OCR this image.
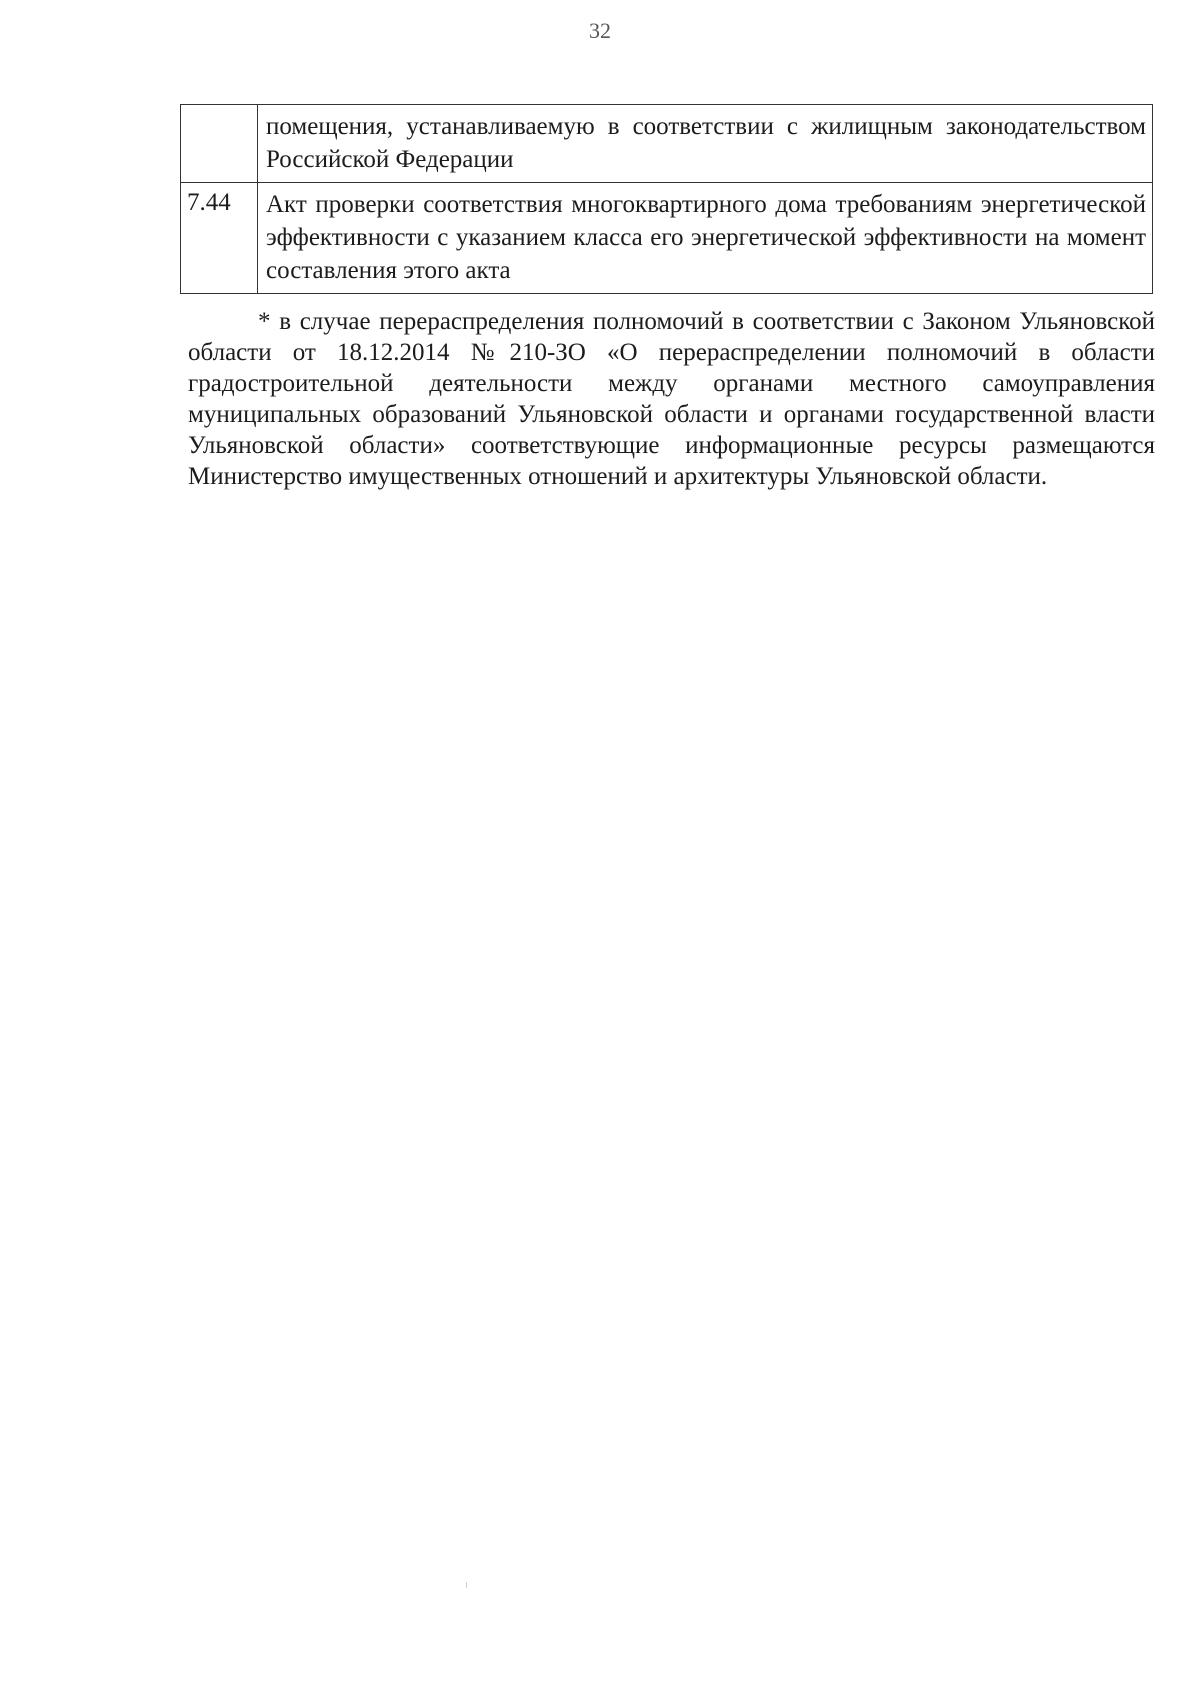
32
	помещения, устанавливаемую в соответствии с жилищным законодательством Российской Федерации
7.44	Акт проверки соответствия многоквартирного дома требованиям энергетической эффективности с указанием класса его энергетической эффективности на момент составления этого акта

* в случае перераспределения полномочий в соответствии с Законом Ульяновской области от 18.12.2014 №210-ЗО «О перераспределении полномочий в области градостроительной деятельности между органами местного самоуправления муниципальных образований Ульяновской области и органами государственной власти Ульяновской области» соответствующие информационные ресурсы размещаются Министерство имущественных отношений и архитектуры Ульяновской области.
